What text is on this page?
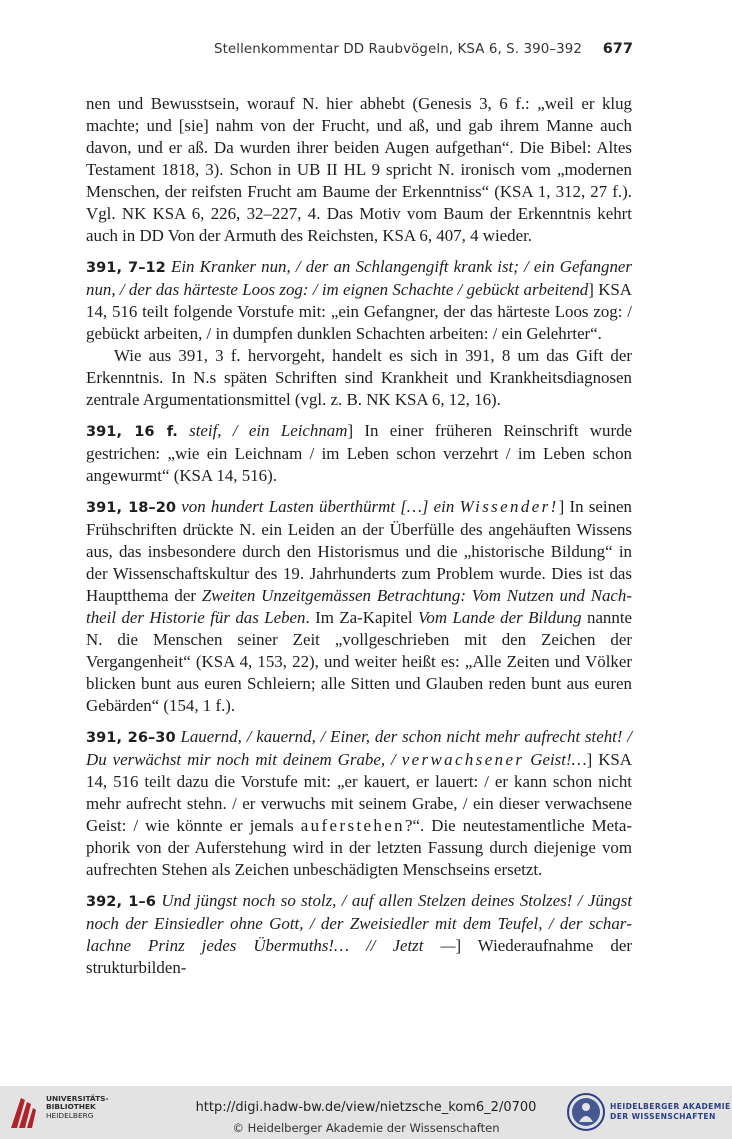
Stellenkommentar DD Raubvögeln, KSA 6, S. 390–392 677

nen und Bewusstsein, worauf N. hier abhebt (Genesis 3, 6 f.: „weil er klug machte; und [sie] nahm von der Frucht, und aß, und gab ihrem Manne auch davon, und er aß. Da wurden ihrer beiden Augen aufgethan“. Die Bibel: Altes Testament 1818, 3). Schon in UB II HL 9 spricht N. ironisch vom „modernen Menschen, der reifsten Frucht am Baume der Erkenntniss“ (KSA 1, 312, 27 f.). Vgl. NK KSA 6, 226, 32–227, 4. Das Motiv vom Baum der Erkenntnis kehrt auch in DD Von der Armuth des Reichsten, KSA 6, 407, 4 wieder.

391, 7–12 Ein Kranker nun, / der an Schlangengift krank ist; / ein Gefangner nun, / der das härteste Loos zog: / im eignen Schachte / gebückt arbeitend] KSA 14, 516 teilt folgende Vorstufe mit: „ein Gefangner, der das härteste Loos zog: / gebückt arbeiten, / in dumpfen dunklen Schachten arbeiten: / ein Gelehrter“.

Wie aus 391, 3 f. hervorgeht, handelt es sich in 391, 8 um das Gift der Erkenntnis. In N.s späten Schriften sind Krankheit und Krankheitsdiagnosen zentrale Argumentationsmittel (vgl. z. B. NK KSA 6, 12, 16).

391, 16 f. steif, / ein Leichnam] In einer früheren Reinschrift wurde gestrichen: „wie ein Leichnam / im Leben schon verzehrt / im Leben schon angewurmt“ (KSA 14, 516).

391, 18–20 von hundert Lasten überthürmt […] ein Wissender!] In seinen Frühschriften drückte N. ein Leiden an der Überfülle des angehäuften Wissens aus, das insbesondere durch den Historismus und die „historische Bildung“ in der Wissenschaftskultur des 19. Jahrhunderts zum Problem wurde. Dies ist das Hauptthema der Zweiten Unzeitgemässen Betrachtung: Vom Nutzen und Nachtheil der Historie für das Leben. Im Za-Kapitel Vom Lande der Bildung nannte N. die Menschen seiner Zeit „vollgeschrieben mit den Zeichen der Vergangenheit“ (KSA 4, 153, 22), und weiter heißt es: „Alle Zeiten und Völker blicken bunt aus euren Schleiern; alle Sitten und Glauben reden bunt aus euren Gebärden“ (154, 1 f.).

391, 26–30 Lauernd, / kauernd, / Einer, der schon nicht mehr aufrecht steht! / Du verwächst mir noch mit deinem Grabe, / verwachsener Geist!…] KSA 14, 516 teilt dazu die Vorstufe mit: „er kauert, er lauert: / er kann schon nicht mehr aufrecht stehn. / er verwuchs mit seinem Grabe, / ein dieser verwachsene Geist: / wie könnte er jemals auferstehen?“. Die neutestamentliche Metaphorik von der Auferstehung wird in der letzten Fassung durch diejenige vom aufrechten Stehen als Zeichen unbeschädigten Menschseins ersetzt.

392, 1–6 Und jüngst noch so stolz, / auf allen Stelzen deines Stolzes! / Jüngst noch der Einsiedler ohne Gott, / der Zweisiedler mit dem Teufel, / der scharlachne Prinz jedes Übermuths!… // Jetzt —] Wiederaufnahme der strukturbilden-

UNIVERSITÄTS-
BIBLIOTHEK
HEIDELBERG
http://digi.hadw-bw.de/view/nietzsche_kom6_2/0700
© Heidelberger Akademie der Wissenschaften
HEIDELBERGER AKADEMIE
DER WISSENSCHAFTEN
